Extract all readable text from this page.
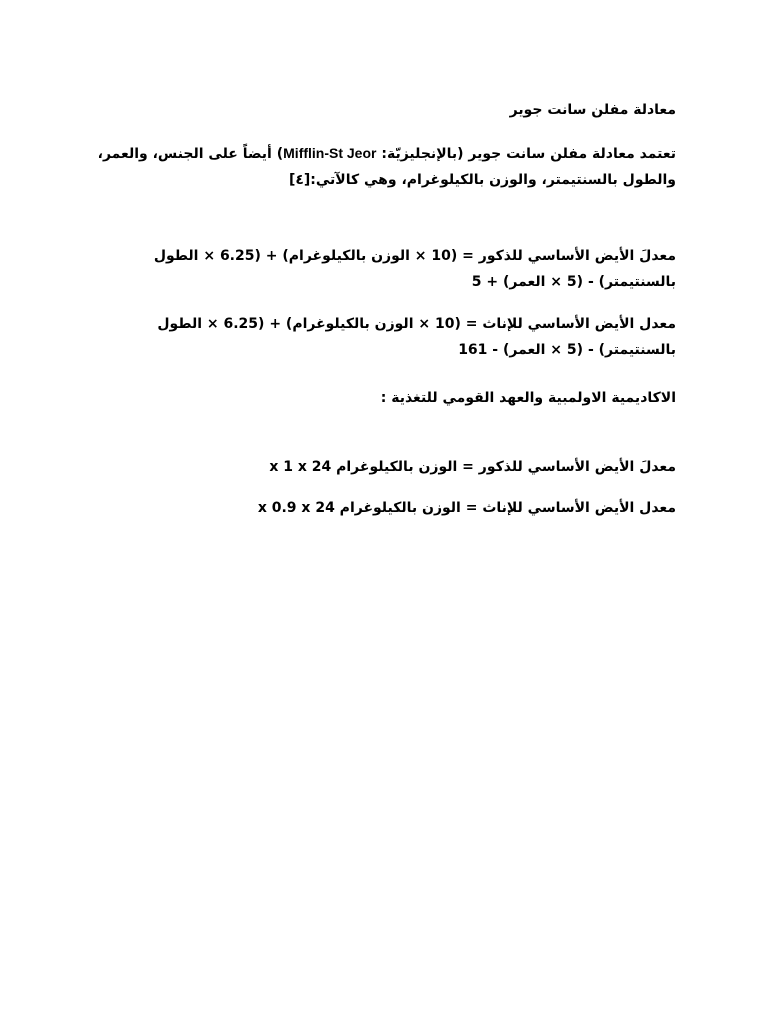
معادلة مفلن سانت جوير

تعتمد معادلة مفلن سانت جوير (بالإنجليزيّة: Mifflin-St Jeor) أيضاً على الجنس، والعمر، والطول بالسنتيمتر، والوزن بالكيلوغرام، وهي كالآتي:[٤]

معدلَ الأيض الأساسي للذكور = (10 × الوزن بالكيلوغرام) + (6.25 × الطول بالسنتيمتر) - (5 × العمر) + 5

معدل الأيض الأساسي للإناث = (10 × الوزن بالكيلوغرام) + (6.25 × الطول بالسنتيمتر) - (5 × العمر) - 161

الاكاديمية الاولمبية والعهد القومي للتغذية :

معدلَ الأيض الأساسي للذكور = الوزن بالكيلوغرام x 1 x 24

معدل الأيض الأساسي للإناث = الوزن بالكيلوغرام x 0.9 x 24
